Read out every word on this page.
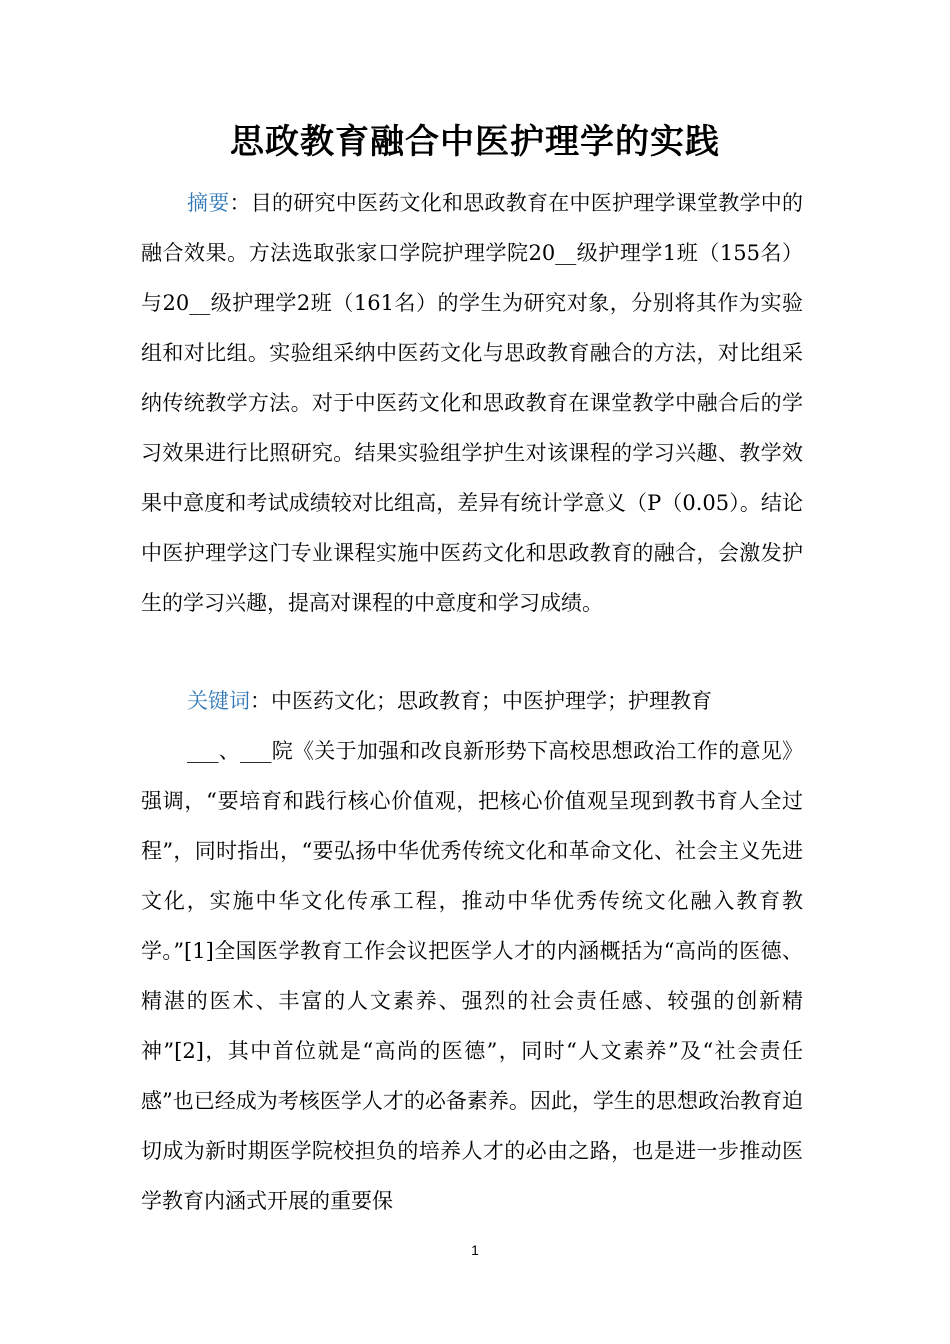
思政教育融合中医护理学的实践

摘要：目的研究中医药文化和思政教育在中医护理学课堂教学中的融合效果。方法选取张家口学院护理学院20__级护理学1班（155名）与20__级护理学2班（161名）的学生为研究对象，分别将其作为实验组和对比组。实验组采纳中医药文化与思政教育融合的方法，对比组采纳传统教学方法。对于中医药文化和思政教育在课堂教学中融合后的学习效果进行比照研究。结果实验组学护生对该课程的学习兴趣、教学效果中意度和考试成绩较对比组高，差异有统计学意义（P（0.05）。结论中医护理学这门专业课程实施中医药文化和思政教育的融合，会激发护生的学习兴趣，提高对课程的中意度和学习成绩。

关键词：中医药文化；思政教育；中医护理学；护理教育

___、___院《关于加强和改良新形势下高校思想政治工作的意见》强调，“要培育和践行核心价值观，把核心价值观呈现到教书育人全过程”，同时指出，“要弘扬中华优秀传统文化和革命文化、社会主义先进文化，实施中华文化传承工程，推动中华优秀传统文化融入教育教学。”[1]全国医学教育工作会议把医学人才的内涵概括为“高尚的医德、精湛的医术、丰富的人文素养、强烈的社会责任感、较强的创新精神”[2]，其中首位就是“高尚的医德”，同时“人文素养”及“社会责任感”也已经成为考核医学人才的必备素养。因此，学生的思想政治教育迫切成为新时期医学院校担负的培养人才的必由之路，也是进一步推动医学教育内涵式开展的重要保

1
